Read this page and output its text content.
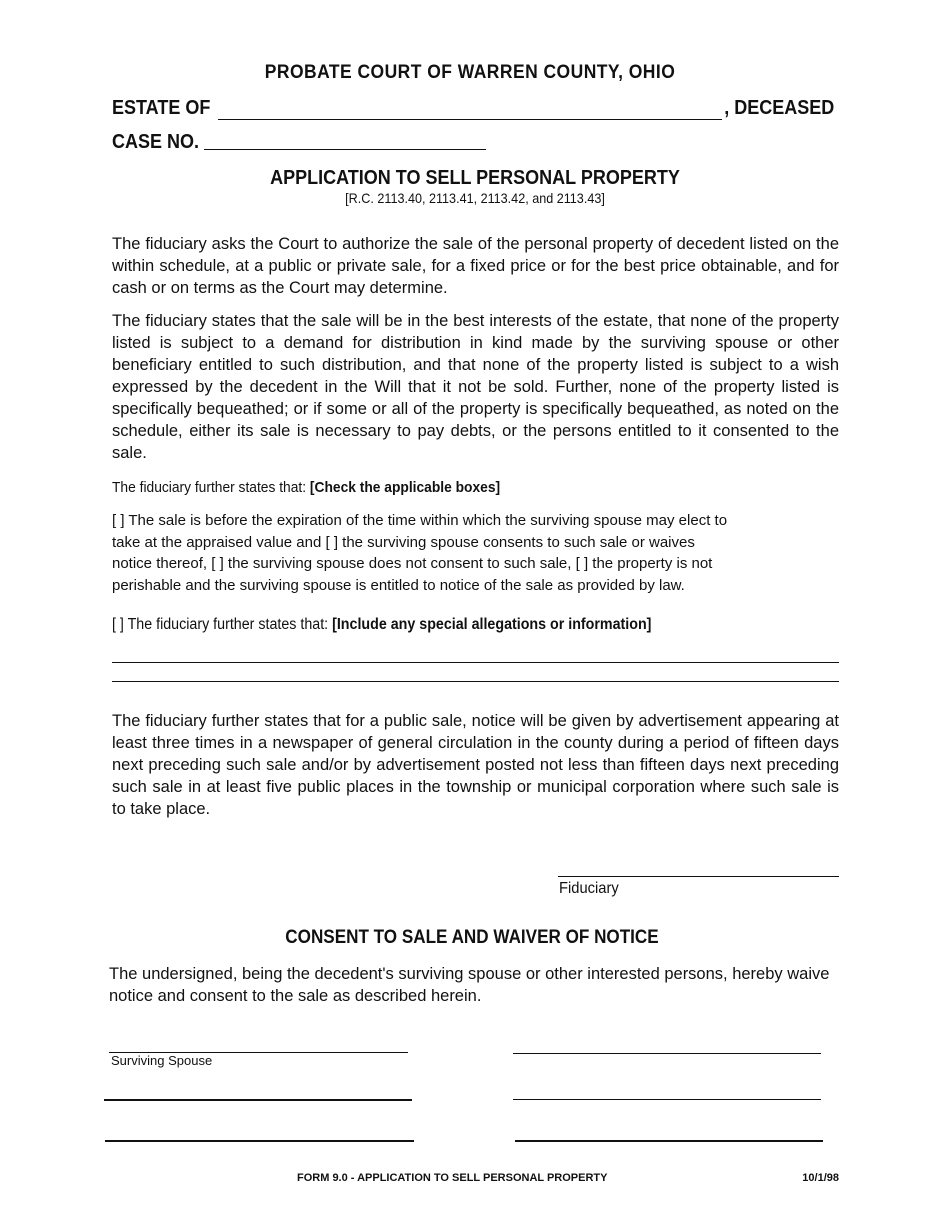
PROBATE COURT OF WARREN COUNTY, OHIO
ESTATE OF	, DECEASED
CASE NO.
APPLICATION TO SELL PERSONAL PROPERTY
[R.C. 2113.40, 2113.41, 2113.42, and 2113.43]
The fiduciary asks the Court to authorize the sale of the personal property of decedent listed on the within schedule, at a public or private sale, for a fixed price or for the best price obtainable, and for cash or on terms as the Court may determine.
The fiduciary states that the sale will be in the best interests of the estate, that none of the property listed is subject to a demand for distribution in kind made by the surviving spouse or other beneficiary entitled to such distribution, and that none of the property listed is subject to a wish expressed by the decedent in the Will that it not be sold. Further, none of the property listed is specifically bequeathed; or if some or all of the property is specifically bequeathed, as noted on the schedule, either its sale is necessary to pay debts, or the persons entitled to it consented to the sale.
The fiduciary further states that: [Check the applicable boxes]
[ ] The sale is before the expiration of the time within which the surviving spouse may elect to
take at the appraised value and [ ] the surviving spouse consents to such sale or waives
notice thereof, [ ] the surviving spouse does not consent to such sale, [ ] the property is not
perishable and the surviving spouse is entitled to notice of the sale as provided by law.
[ ] The fiduciary further states that: [Include any special allegations or information]
The fiduciary further states that for a public sale, notice will be given by advertisement appearing at least three times in a newspaper of general circulation in the county during a period of fifteen days next preceding such sale and/or by advertisement posted not less than fifteen days next preceding such sale in at least five public places in the township or municipal corporation where such sale is to take place.
Fiduciary
CONSENT TO SALE AND WAIVER OF NOTICE
The undersigned, being the decedent's surviving spouse or other interested persons, hereby waive notice and consent to the sale as described herein.
Surviving Spouse
FORM 9.0 - APPLICATION TO SELL PERSONAL PROPERTY	10/1/98
